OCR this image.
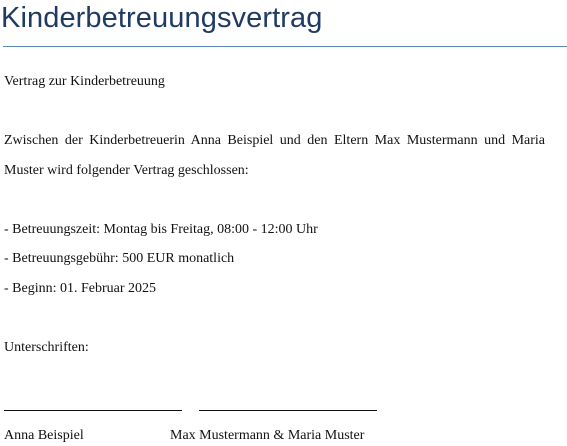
Kinderbetreuungsvertrag
Vertrag zur Kinderbetreuung
Zwischen der Kinderbetreuerin Anna Beispiel und den Eltern Max Mustermann und Maria
Muster wird folgender Vertrag geschlossen:
- Betreuungszeit: Montag bis Freitag, 08:00 - 12:00 Uhr
- Betreuungsgebühr: 500 EUR monatlich
- Beginn: 01. Februar 2025
Unterschriften:
Anna Beispiel	Max Mustermann & Maria Muster
